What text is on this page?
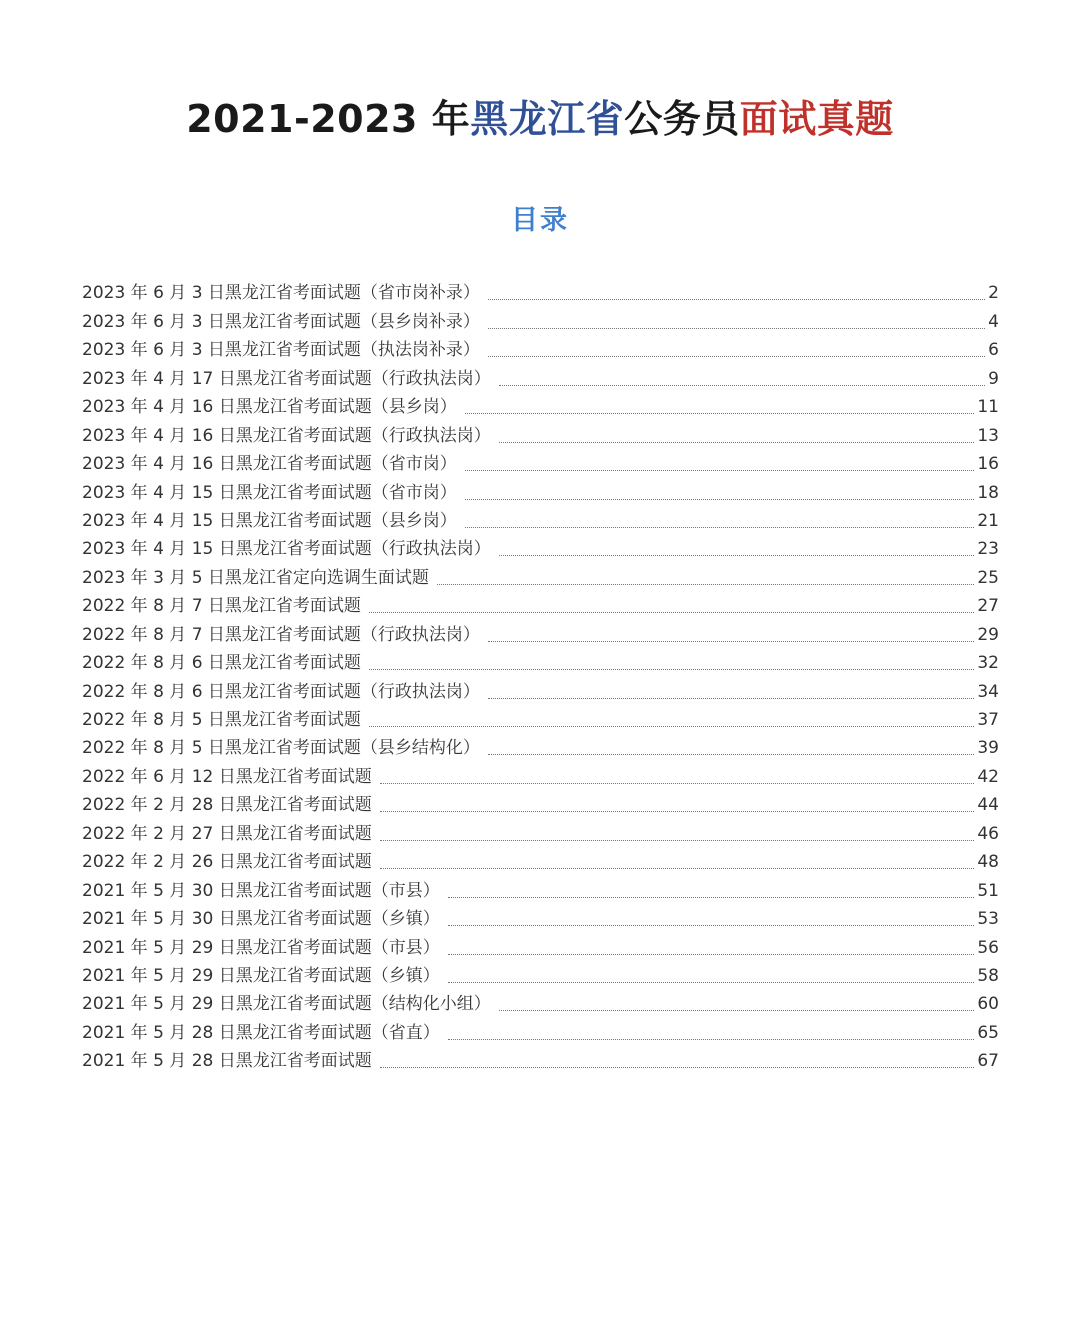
2021-2023 年黑龙江省公务员面试真题
目录
2023 年 6 月 3 日黑龙江省考面试题（省市岗补录）	2
2023 年 6 月 3 日黑龙江省考面试题（县乡岗补录）	4
2023 年 6 月 3 日黑龙江省考面试题（执法岗补录）	6
2023 年 4 月 17 日黑龙江省考面试题（行政执法岗）	9
2023 年 4 月 16 日黑龙江省考面试题（县乡岗）	11
2023 年 4 月 16 日黑龙江省考面试题（行政执法岗）	13
2023 年 4 月 16 日黑龙江省考面试题（省市岗）	16
2023 年 4 月 15 日黑龙江省考面试题（省市岗）	18
2023 年 4 月 15 日黑龙江省考面试题（县乡岗）	21
2023 年 4 月 15 日黑龙江省考面试题（行政执法岗）	23
2023 年 3 月 5 日黑龙江省定向选调生面试题	25
2022 年 8 月 7 日黑龙江省考面试题	27
2022 年 8 月 7 日黑龙江省考面试题（行政执法岗）	29
2022 年 8 月 6 日黑龙江省考面试题	32
2022 年 8 月 6 日黑龙江省考面试题（行政执法岗）	34
2022 年 8 月 5 日黑龙江省考面试题	37
2022 年 8 月 5 日黑龙江省考面试题（县乡结构化）	39
2022 年 6 月 12 日黑龙江省考面试题	42
2022 年 2 月 28 日黑龙江省考面试题	44
2022 年 2 月 27 日黑龙江省考面试题	46
2022 年 2 月 26 日黑龙江省考面试题	48
2021 年 5 月 30 日黑龙江省考面试题（市县）	51
2021 年 5 月 30 日黑龙江省考面试题（乡镇）	53
2021 年 5 月 29 日黑龙江省考面试题（市县）	56
2021 年 5 月 29 日黑龙江省考面试题（乡镇）	58
2021 年 5 月 29 日黑龙江省考面试题（结构化小组）	60
2021 年 5 月 28 日黑龙江省考面试题（省直）	65
2021 年 5 月 28 日黑龙江省考面试题	67
